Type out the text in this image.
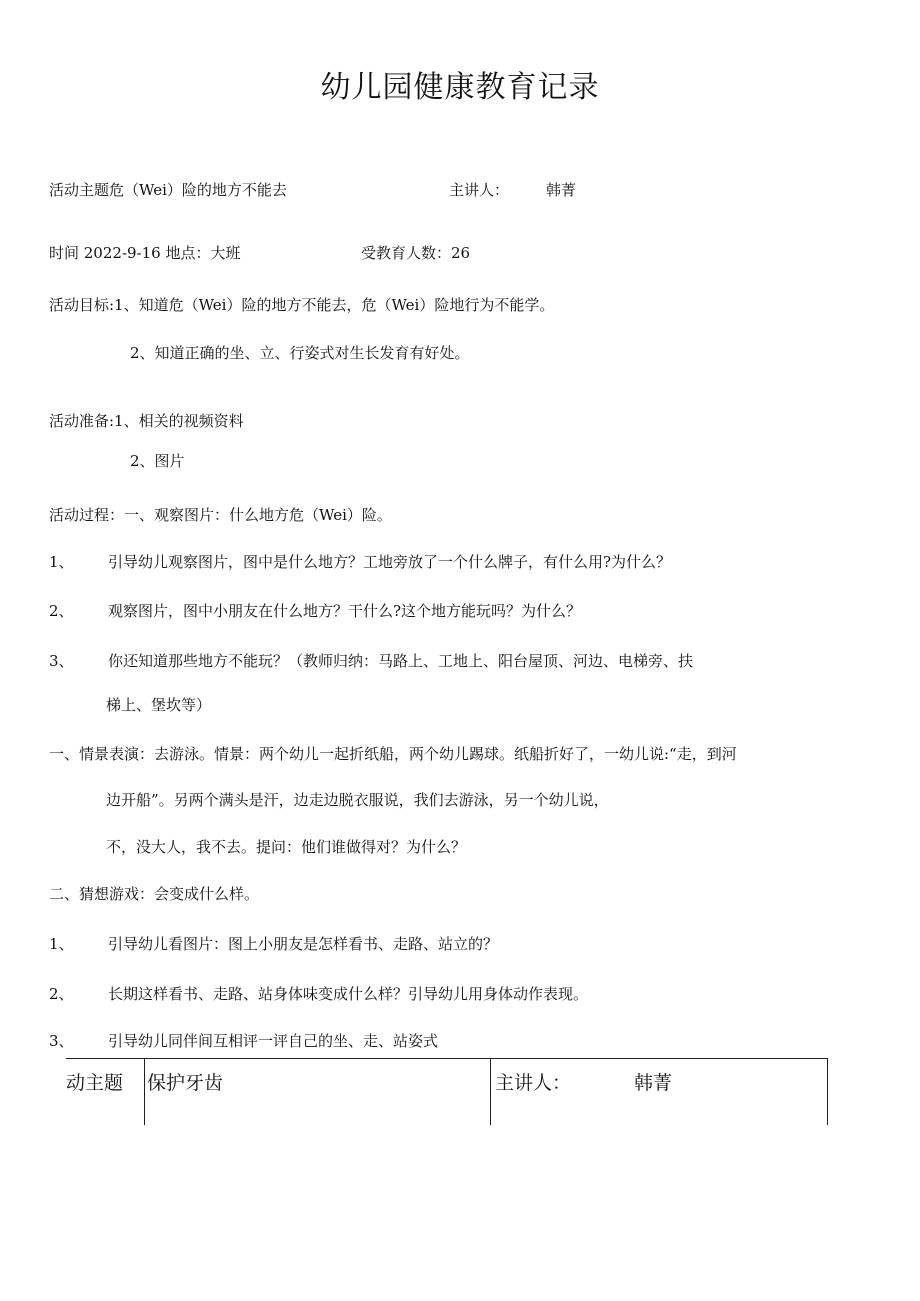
幼儿园健康教育记录
活动主题危（Wei）险的地方不能去	主讲人： 韩菁
时间 2022-9-16 地点：大班	受教育人数：26
活动目标:1、知道危（Wei）险的地方不能去，危（Wei）险地行为不能学。
2、知道正确的坐、立、行姿式对生长发育有好处。
活动准备:1、相关的视频资料
2、图片
活动过程：一、观察图片：什么地方危（Wei）险。
1、 引导幼儿观察图片，图中是什么地方？工地旁放了一个什么牌子，有什么用?为什么？
2、 观察图片，图中小朋友在什么地方？干什么?这个地方能玩吗？为什么？
3、 你还知道那些地方不能玩？（教师归纳：马路上、工地上、阳台屋顶、河边、电梯旁、扶
梯上、堡坎等）
一、情景表演：去游泳。情景：两个幼儿一起折纸船，两个幼儿踢球。纸船折好了，一幼儿说:“走，到河
边开船”。另两个满头是汗，边走边脱衣服说，我们去游泳，另一个幼儿说，
不，没大人，我不去。提问：他们谁做得对？为什么？
二、猜想游戏：会变成什么样。
1、 引导幼儿看图片：图上小朋友是怎样看书、走路、站立的？
2、 长期这样看书、走路、站身体味变成什么样？引导幼儿用身体动作表现。
3、 引导幼儿同伴间互相评一评自己的坐、走、站姿式
动主题 保护牙齿	主讲人：	韩菁
